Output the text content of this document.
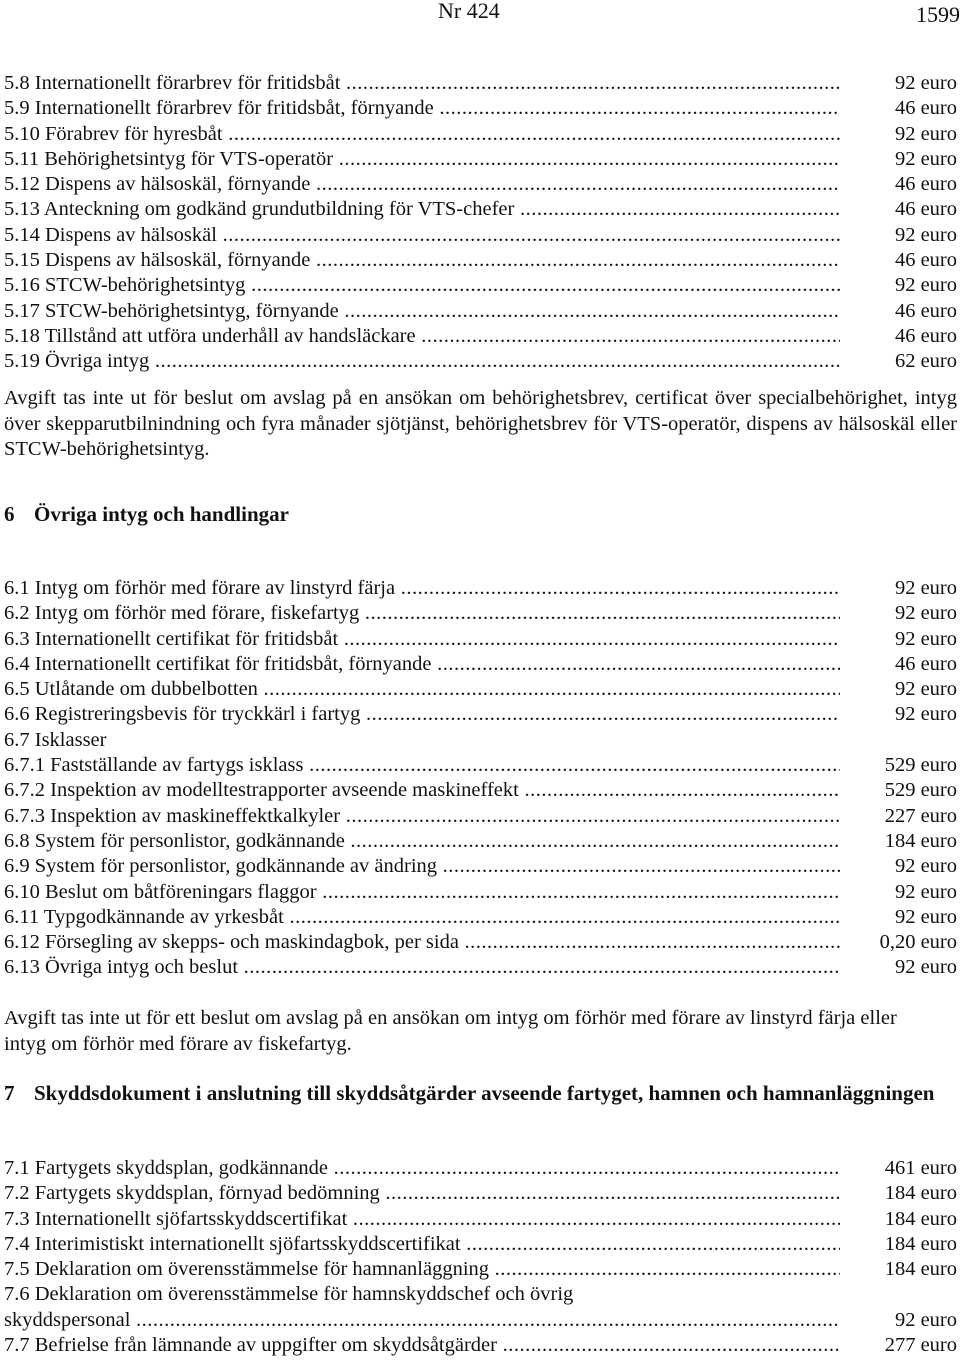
Nr 424	1599
5.8 Internationellt förarbrev för fritidsbåt .....	92 euro
5.9 Internationellt förarbrev för fritidsbåt, förnyande .....	46 euro
5.10 Förabrev för hyresbåt .....	92 euro
5.11 Behörighetsintyg för VTS-operatör .....	92 euro
5.12 Dispens av hälsoskäl, förnyande .....	46 euro
5.13 Anteckning om godkänd grundutbildning för VTS-chefer .....	46 euro
5.14 Dispens av hälsoskäl .....	92 euro
5.15 Dispens av hälsoskäl, förnyande .....	46 euro
5.16 STCW-behörighetsintyg .....	92 euro
5.17 STCW-behörighetsintyg, förnyande .....	46 euro
5.18 Tillstånd att utföra underhåll av handsläckare .....	46 euro
5.19 Övriga intyg .....	62 euro

Avgift tas inte ut för beslut om avslag på en ansökan om behörighetsbrev, certificat över specialbehörighet, intyg över skepparutbilnindning och fyra månader sjötjänst, behörighetsbrev för VTS-operatör, dispens av hälsoskäl eller STCW-behörighetsintyg.

6 Övriga intyg och handlingar
6.1 Intyg om förhör med förare av linstyrd färja .....	92 euro
6.2 Intyg om förhör med förare, fiskefartyg .....	92 euro
6.3 Internationellt certifikat för fritidsbåt .....	92 euro
6.4 Internationellt certifikat för fritidsbåt, förnyande .....	46 euro
6.5 Utlåtande om dubbelbotten .....	92 euro
6.6 Registreringsbevis för tryckkärl i fartyg .....	92 euro
6.7 Isklasser
6.7.1 Fastställande av fartygs isklass .....	529 euro
6.7.2 Inspektion av modelltestrapporter avseende maskineffekt .....	529 euro
6.7.3 Inspektion av maskineffektkalkyler .....	227 euro
6.8 System för personlistor, godkännande .....	184 euro
6.9 System för personlistor, godkännande av ändring .....	92 euro
6.10 Beslut om båtföreningars flaggor .....	92 euro
6.11 Typgodkännande av yrkesbåt .....	92 euro
6.12 Försegling av skepps- och maskindagbok, per sida .....	0,20 euro
6.13 Övriga intyg och beslut .....	92 euro

Avgift tas inte ut för ett beslut om avslag på en ansökan om intyg om förhör med förare av linstyrd färja eller intyg om förhör med förare av fiskefartyg.

7 Skyddsdokument i anslutning till skyddsåtgärder avseende fartyget, hamnen och hamnanläggningen
7.1 Fartygets skyddsplan, godkännande .....	461 euro
7.2 Fartygets skyddsplan, förnyad bedömning .....	184 euro
7.3 Internationellt sjöfartsskyddscertifikat .....	184 euro
7.4 Interimistiskt internationellt sjöfartsskyddscertifikat .....	184 euro
7.5 Deklaration om överensstämmelse för hamnanläggning .....	184 euro
7.6 Deklaration om överensstämmelse för hamnskyddschef och övrig
skyddspersonal .....	92 euro
7.7 Befrielse från lämnande av uppgifter om skyddsåtgärder .....	277 euro
